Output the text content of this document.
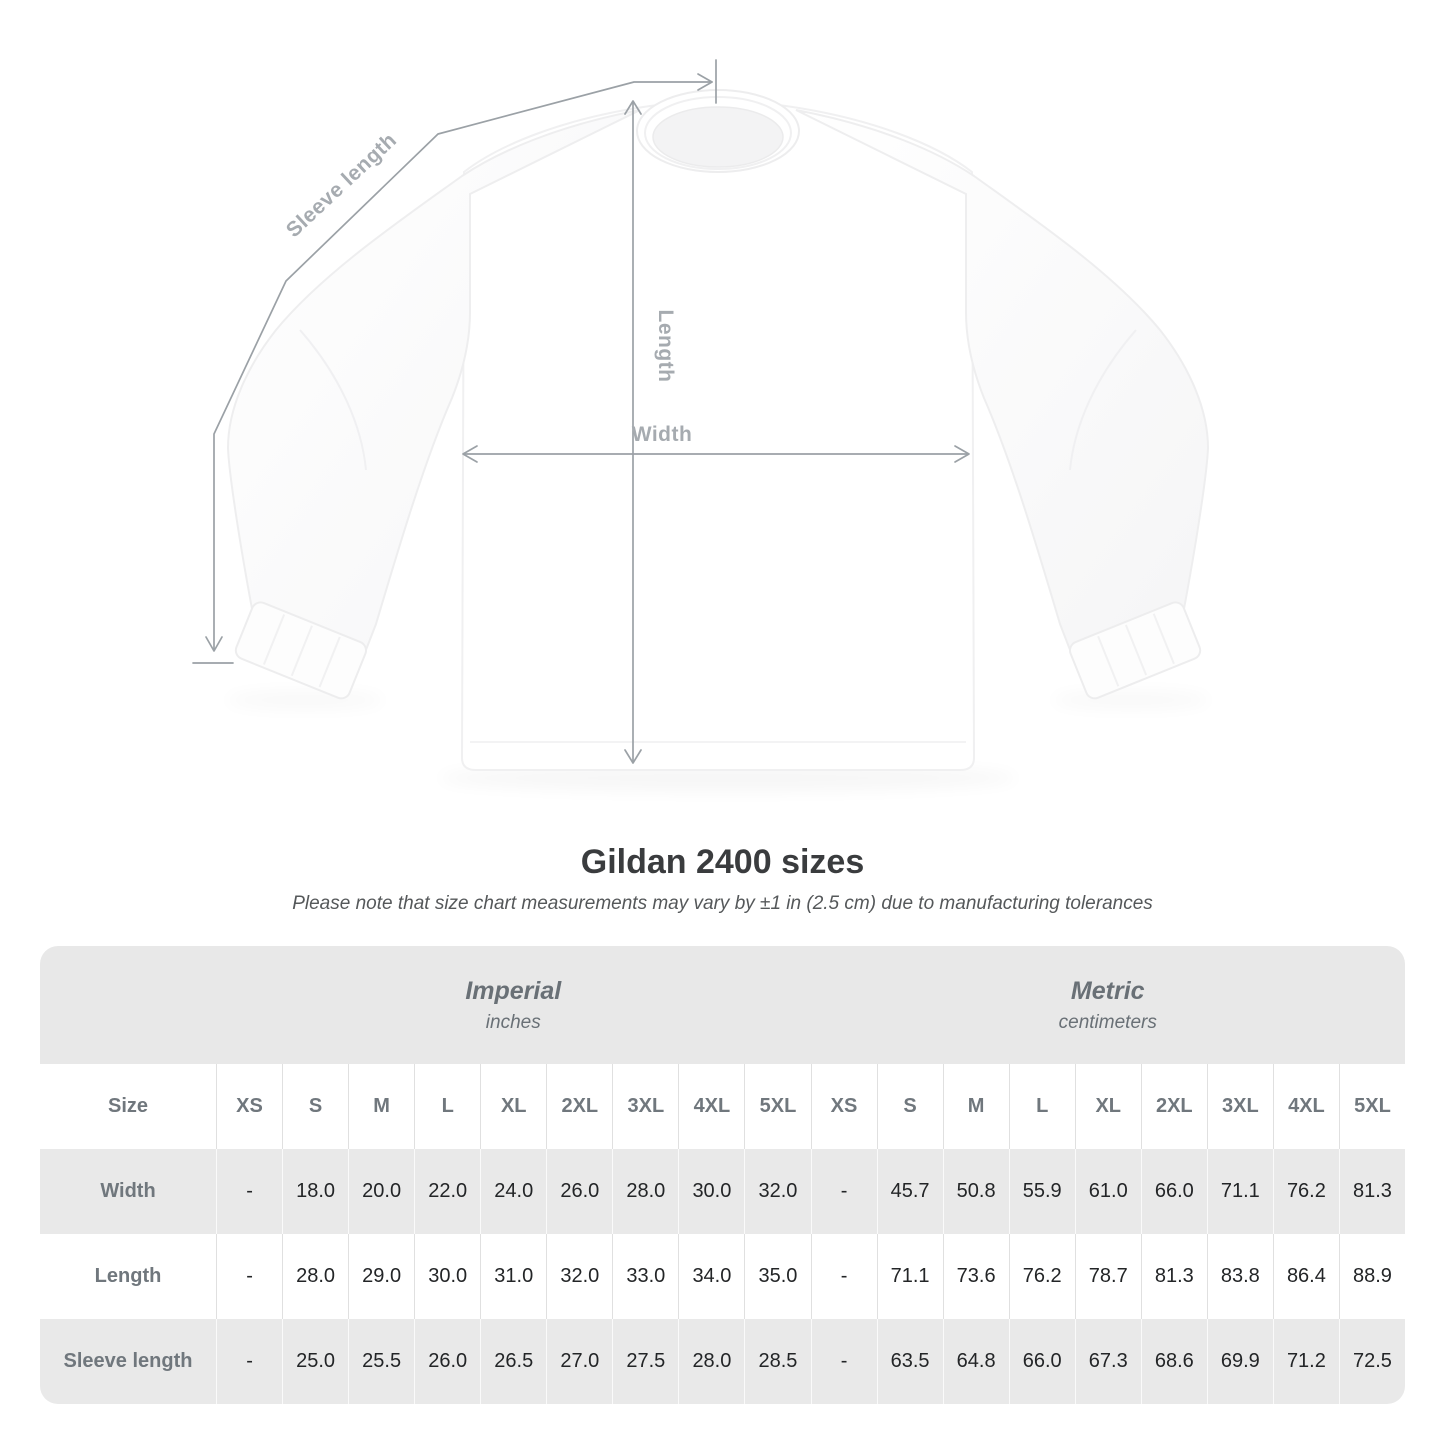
Sleeve length
Length
Width
Gildan 2400 sizes
Please note that size chart measurements may vary by ±1 in (2.5 cm) due to manufacturing tolerances
Imperial
inches
Metric
centimeters
Size	XS	S	M	L	XL	2XL	3XL	4XL	5XL	XS	S	M	L	XL	2XL	3XL	4XL	5XL
Width	-	18.0	20.0	22.0	24.0	26.0	28.0	30.0	32.0	-	45.7	50.8	55.9	61.0	66.0	71.1	76.2	81.3
Length	-	28.0	29.0	30.0	31.0	32.0	33.0	34.0	35.0	-	71.1	73.6	76.2	78.7	81.3	83.8	86.4	88.9
Sleeve length	-	25.0	25.5	26.0	26.5	27.0	27.5	28.0	28.5	-	63.5	64.8	66.0	67.3	68.6	69.9	71.2	72.5
